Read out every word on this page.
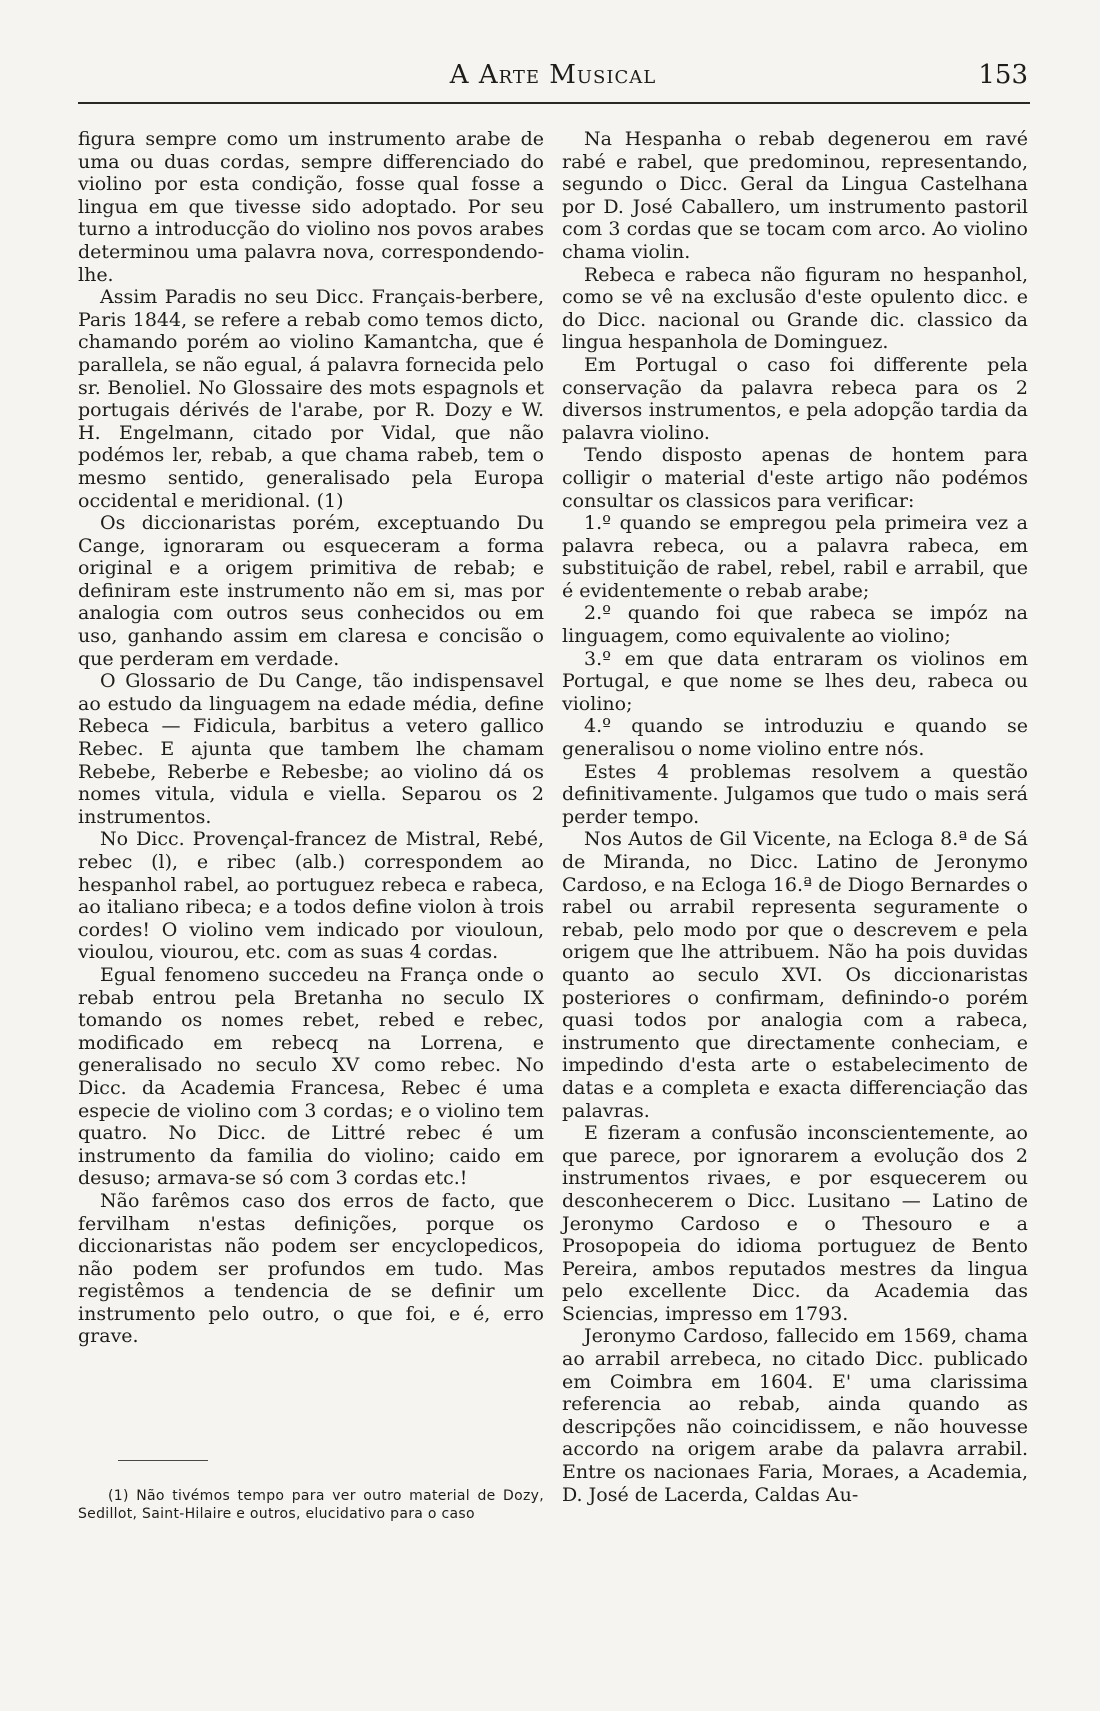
A Arte Musical	153

figura sempre como um instrumento arabe de uma ou duas cordas, sempre differenciado do violino por esta condição, fosse qual fosse a lingua em que tivesse sido adoptado. Por seu turno a introducção do violino nos povos arabes determinou uma palavra nova, correspondendo-lhe.

Assim Paradis no seu Dicc. Français-berbere, Paris 1844, se refere a rebab como temos dicto, chamando porém ao violino Kamantcha, que é parallela, se não egual, á palavra fornecida pelo sr. Benoliel. No Glossaire des mots espagnols et portugais dérivés de l'arabe, por R. Dozy e W. H. Engelmann, citado por Vidal, que não podémos ler, rebab, a que chama rabeb, tem o mesmo sentido, generalisado pela Europa occidental e meridional. (1)

Os diccionaristas porém, exceptuando Du Cange, ignoraram ou esqueceram a forma original e a origem primitiva de rebab; e definiram este instrumento não em si, mas por analogia com outros seus conhecidos ou em uso, ganhando assim em claresa e concisão o que perderam em verdade.

O Glossario de Du Cange, tão indispensavel ao estudo da linguagem na edade média, define Rebeca — Fidicula, barbitus a vetero gallico Rebec. E ajunta que tambem lhe chamam Rebebe, Reberbe e Rebesbe; ao violino dá os nomes vitula, vidula e viella. Separou os 2 instrumentos.

No Dicc. Provençal-francez de Mistral, Rebé, rebec (l), e ribec (alb.) correspondem ao hespanhol rabel, ao portuguez rebeca e rabeca, ao italiano ribeca; e a todos define violon à trois cordes! O violino vem indicado por viouloun, vioulou, viourou, etc. com as suas 4 cordas.

Egual fenomeno succedeu na França onde o rebab entrou pela Bretanha no seculo IX tomando os nomes rebet, rebed e rebec, modificado em rebecq na Lorrena, e generalisado no seculo XV como rebec. No Dicc. da Academia Francesa, Rebec é uma especie de violino com 3 cordas; e o violino tem quatro. No Dicc. de Littré rebec é um instrumento da familia do violino; caido em desuso; armava-se só com 3 cordas etc.!

Não farêmos caso dos erros de facto, que fervilham n'estas definições, porque os diccionaristas não podem ser encyclopedicos, não podem ser profundos em tudo. Mas registêmos a tendencia de se definir um instrumento pelo outro, o que foi, e é, erro grave.

(1) Não tivémos tempo para ver outro material de Dozy, Sedillot, Saint-Hilaire e outros, elucidativo para o caso

Na Hespanha o rebab degenerou em ravé rabé e rabel, que predominou, representando, segundo o Dicc. Geral da Lingua Castelhana por D. José Caballero, um instrumento pastoril com 3 cordas que se tocam com arco. Ao violino chama violin.

Rebeca e rabeca não figuram no hespanhol, como se vê na exclusão d'este opulento dicc. e do Dicc. nacional ou Grande dic. classico da lingua hespanhola de Dominguez.

Em Portugal o caso foi differente pela conservação da palavra rebeca para os 2 diversos instrumentos, e pela adopção tardia da palavra violino.

Tendo disposto apenas de hontem para colligir o material d'este artigo não podémos consultar os classicos para verificar:

1.º quando se empregou pela primeira vez a palavra rebeca, ou a palavra rabeca, em substituição de rabel, rebel, rabil e arrabil, que é evidentemente o rebab arabe;

2.º quando foi que rabeca se impóz na linguagem, como equivalente ao violino;

3.º em que data entraram os violinos em Portugal, e que nome se lhes deu, rabeca ou violino;

4.º quando se introduziu e quando se generalisou o nome violino entre nós.

Estes 4 problemas resolvem a questão definitivamente. Julgamos que tudo o mais será perder tempo.

Nos Autos de Gil Vicente, na Ecloga 8.ª de Sá de Miranda, no Dicc. Latino de Jeronymo Cardoso, e na Ecloga 16.ª de Diogo Bernardes o rabel ou arrabil representa seguramente o rebab, pelo modo por que o descrevem e pela origem que lhe attribuem. Não ha pois duvidas quanto ao seculo XVI. Os diccionaristas posteriores o confirmam, definindo-o porém quasi todos por analogia com a rabeca, instrumento que directamente conheciam, e impedindo d'esta arte o estabelecimento de datas e a completa e exacta differenciação das palavras.

E fizeram a confusão inconscientemente, ao que parece, por ignorarem a evolução dos 2 instrumentos rivaes, e por esquecerem ou desconhecerem o Dicc. Lusitano — Latino de Jeronymo Cardoso e o Thesouro e a Prosopopeia do idioma portuguez de Bento Pereira, ambos reputados mestres da lingua pelo excellente Dicc. da Academia das Sciencias, impresso em 1793.

Jeronymo Cardoso, fallecido em 1569, chama ao arrabil arrebeca, no citado Dicc. publicado em Coimbra em 1604. E' uma clarissima referencia ao rebab, ainda quando as descripções não coincidissem, e não houvesse accordo na origem arabe da palavra arrabil. Entre os nacionaes Faria, Moraes, a Academia, D. José de Lacerda, Caldas Au-
